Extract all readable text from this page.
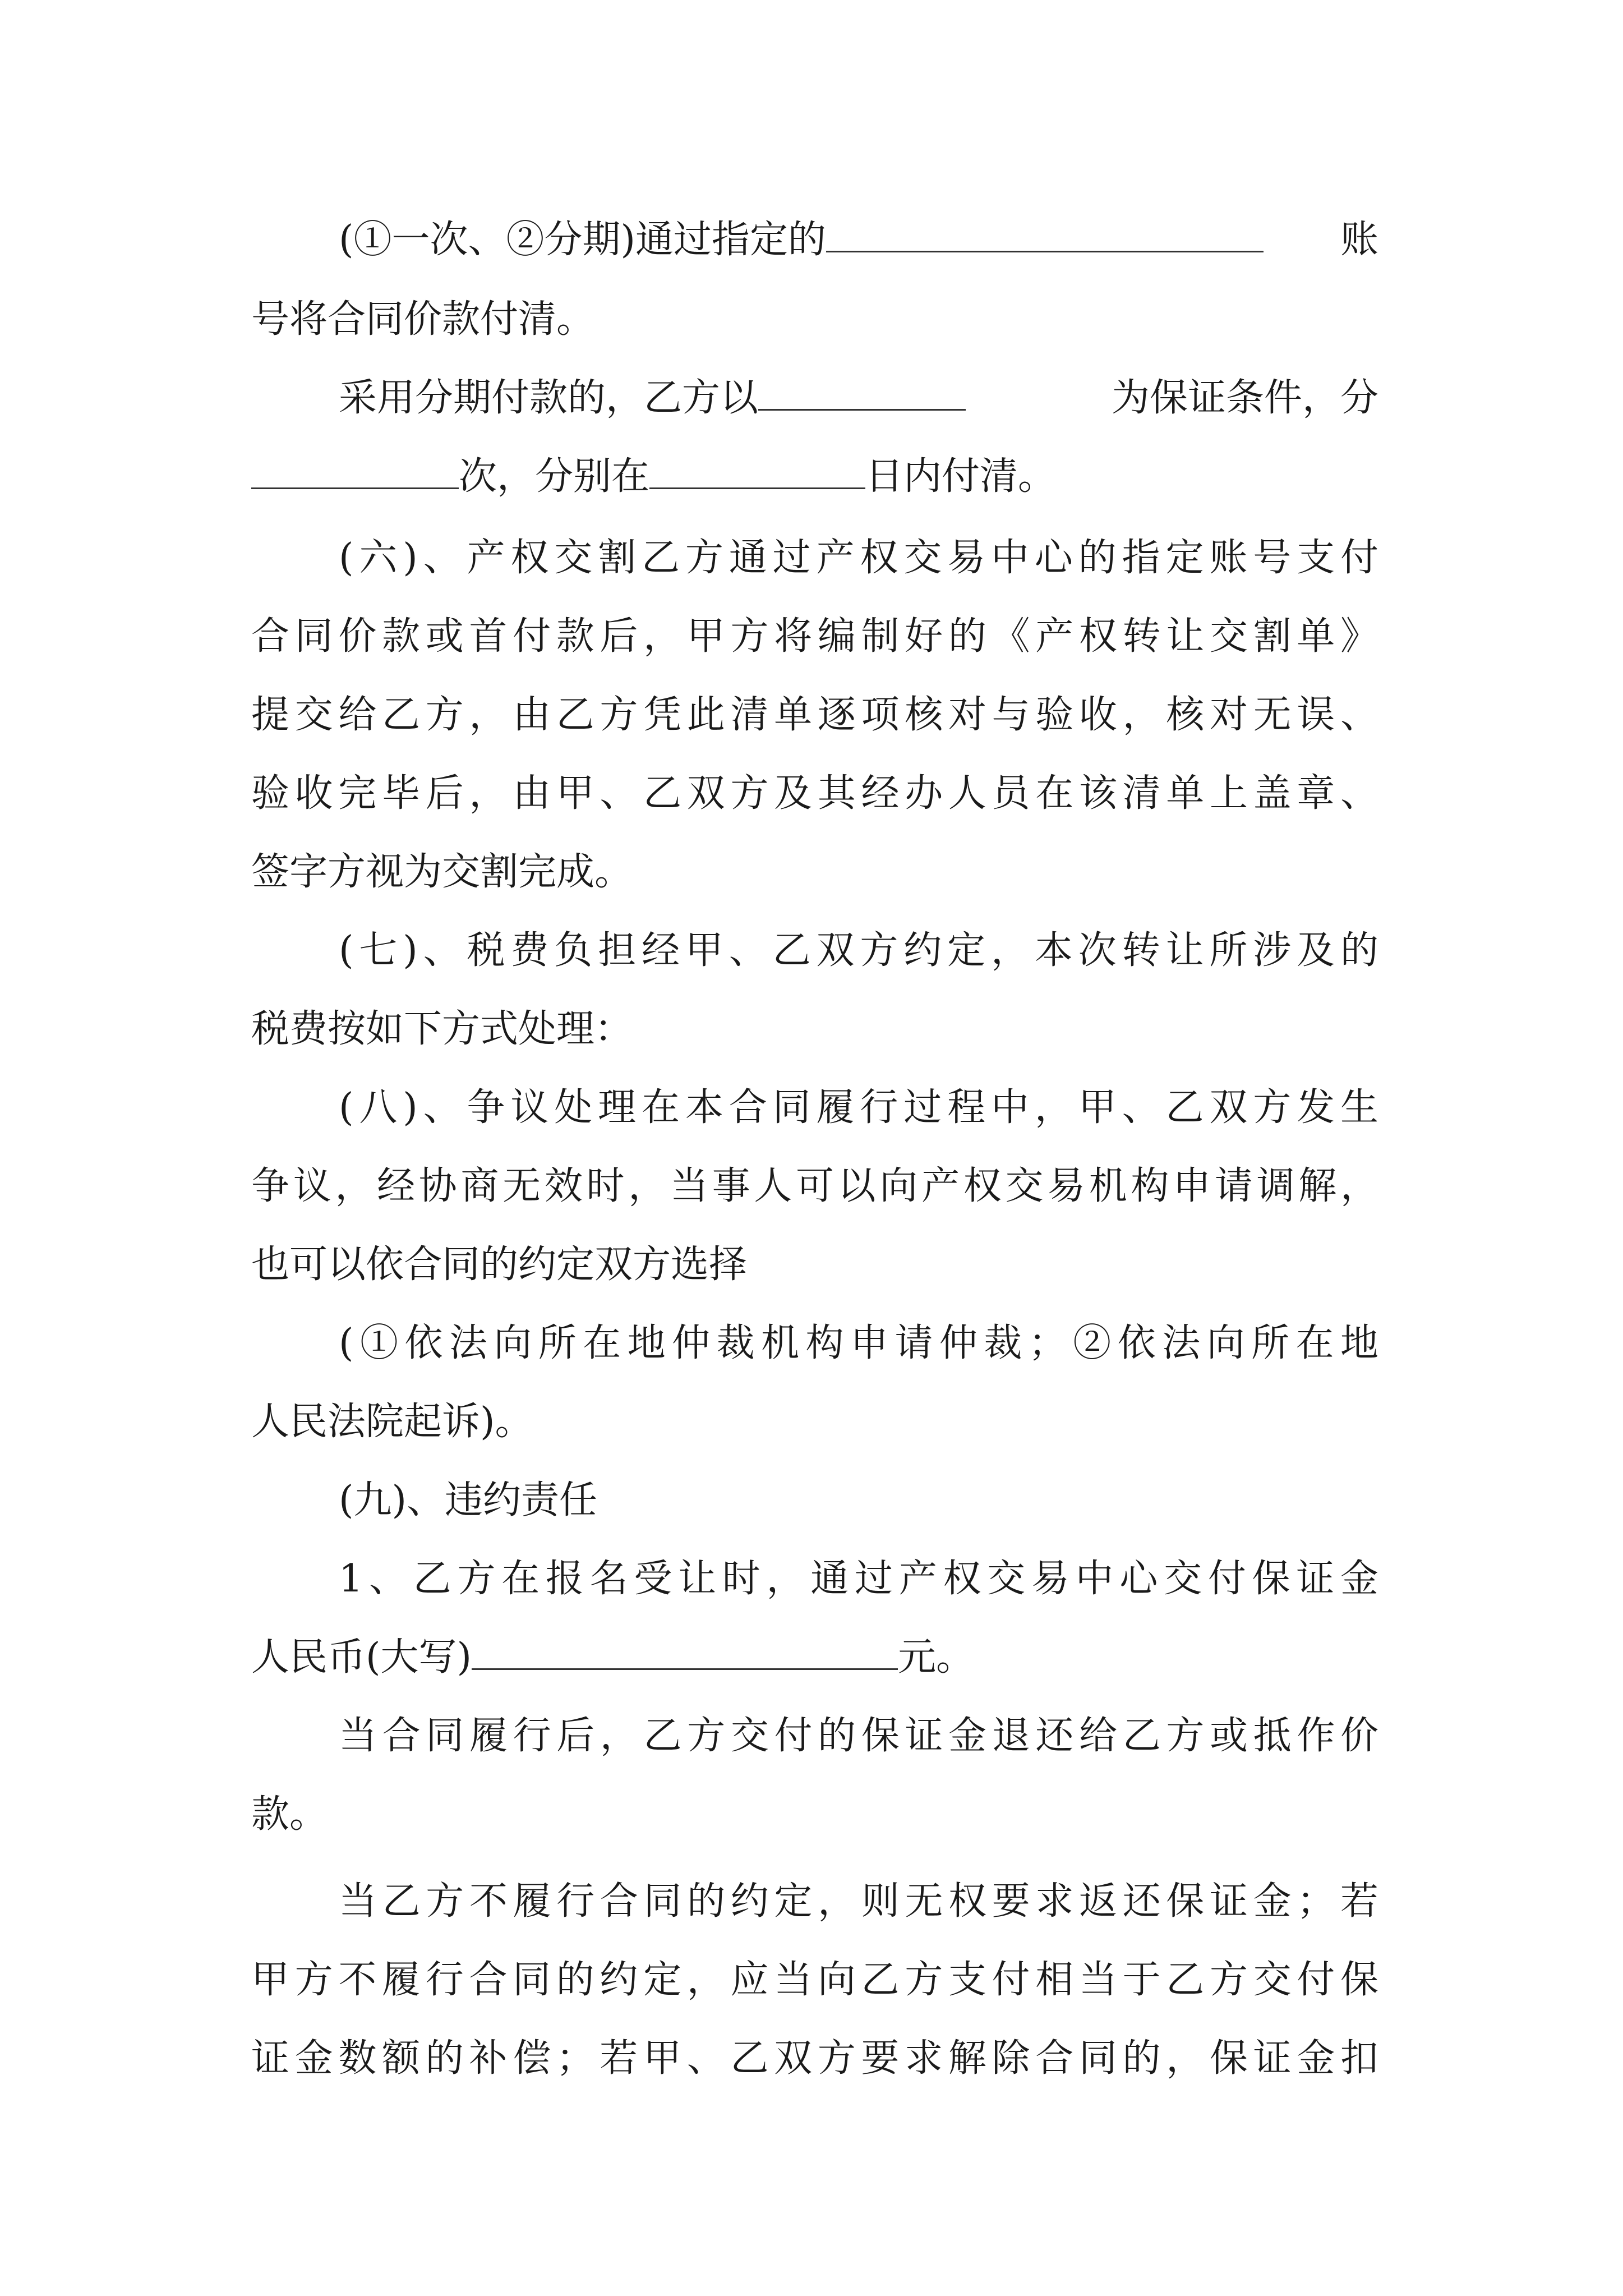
(①一次、②分期)通过指定的	账
号将合同价款付清。
采用分期付款的，乙方以	为保证条件，分
次，分别在	日内付清。
(六)、产权交割乙方通过产权交易中心的指定账号支付
合同价款或首付款后，甲方将编制好的《产权转让交割单》
提交给乙方，由乙方凭此清单逐项核对与验收，核对无误、
验收完毕后，由甲、乙双方及其经办人员在该清单上盖章、
签字方视为交割完成。
(七)、税费负担经甲、乙双方约定，本次转让所涉及的
税费按如下方式处理：
(八)、争议处理在本合同履行过程中，甲、乙双方发生
争议，经协商无效时，当事人可以向产权交易机构申请调解，
也可以依合同的约定双方选择
(①依法向所在地仲裁机构申请仲裁；②依法向所在地
人民法院起诉)。
(九)、违约责任
1、乙方在报名受让时，通过产权交易中心交付保证金
人民币(大写)	元。
当合同履行后，乙方交付的保证金退还给乙方或抵作价
款。
当乙方不履行合同的约定，则无权要求返还保证金；若
甲方不履行合同的约定，应当向乙方支付相当于乙方交付保
证金数额的补偿；若甲、乙双方要求解除合同的，保证金扣
